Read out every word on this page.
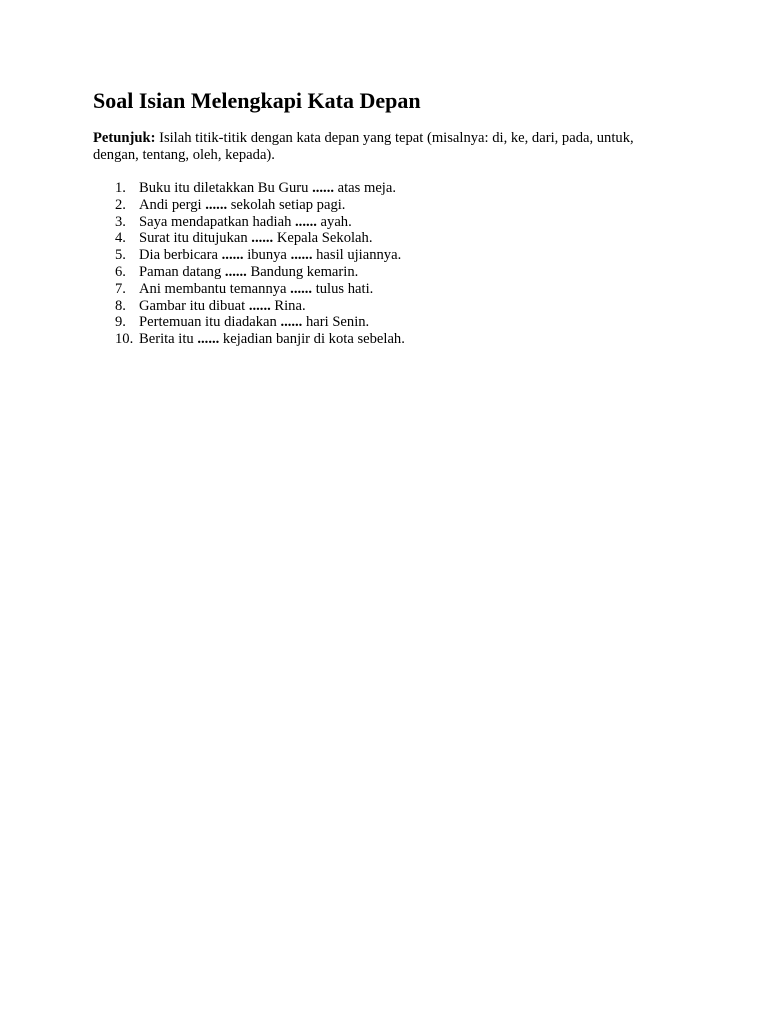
Soal Isian Melengkapi Kata Depan

Petunjuk: Isilah titik-titik dengan kata depan yang tepat (misalnya: di, ke, dari, pada, untuk, dengan, tentang, oleh, kepada).

1. Buku itu diletakkan Bu Guru ...... atas meja.
2. Andi pergi ...... sekolah setiap pagi.
3. Saya mendapatkan hadiah ...... ayah.
4. Surat itu ditujukan ...... Kepala Sekolah.
5. Dia berbicara ...... ibunya ...... hasil ujiannya.
6. Paman datang ...... Bandung kemarin.
7. Ani membantu temannya ...... tulus hati.
8. Gambar itu dibuat ...... Rina.
9. Pertemuan itu diadakan ...... hari Senin.
10. Berita itu ...... kejadian banjir di kota sebelah.
